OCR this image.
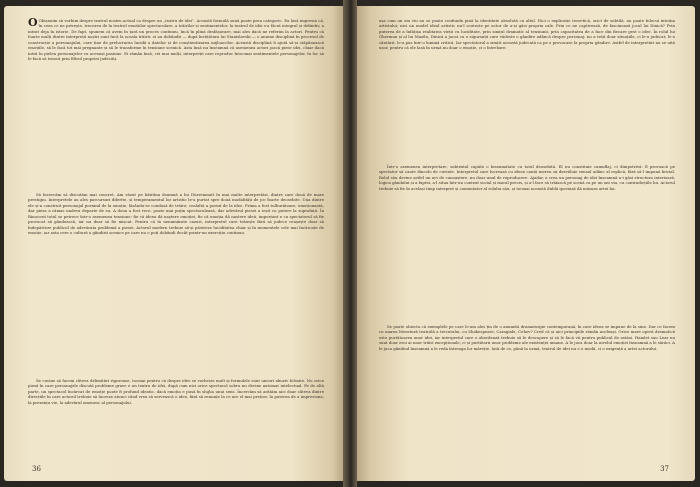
O Obișnuim să vorbim despre teatrul nostru actual ca despre un „teatru de idei”. Această formulă sună poate prea categoric. Ea lasă impresia că, în ceea ce ne privește, trecerea de la teatrul emoțiilor spectaculare, a trăirilor și sentimentelor, la teatrul de idei s-a făcut integral și definitiv, a intrat deja în istorie. De fapt, spunem că avem în țară un proces continuu, încă în plină desfășurare, mai ales dacă ne referim la actori. Pentru că foarte mulți dintre interpreții noștri sunt încă la școala trăirii: ei au dobândit — după învățătura lui Stanislavski — o anume disciplină în procesul de construcție a personajului, care ține de prelucrarea lucidă a datelor și de conștientizarea mijloacelor. Această disciplină îi ajută să-și stăpânească emoțiile, să le facă tot mai pregnante și să le transforme în tensiune scenică. Asta însă nu înseamnă că asemenea actori joacă piese idei, chiar dacă intră în pielea personajelor cu aceeași pasiune. Ei rămân însă, cei mai mulți, interpreții care reproduc întocmai sentimentele personajelor, în loc să le facă să treacă prin filtrul propriei judecăți.

Să încercăm să discutăm mai concret. Am văzut pe bătrâna doamnă a lui Dürrenmatt în mai multe interpretări, dintre care două de mare prestigiu. Interpretele au ales parcursuri diferite, și temperamentul lor artistic le-a purtat spre două modalități de joc foarte deosebite. Una dintre ele și-a construit personajul pornind de la emoție, lăsându-se condusă de trăire; cealaltă a pornit de la idee. Prima a fost tulburătoare, emoționantă, dar piesa a rămas undeva departe de ea. A doua a fost rece, poate mai puțin spectaculoasă, dar adevărul piesei a ieșit cu putere la suprafață. În Rinocerii totul se petrece într-o asemenea tensiune: fie că ideea dă naștere emoției, fie că emoția dă naștere ideii, important e ca spectatorul să fie provocat să gândească, iar nu doar să fie mișcat. Pentru că în nenumărate cazuri, interpretul care trăiește fără să judece reușește doar să îndepărteze publicul de adevărata problemă a piesei. Actorul modern trebuie să-și păstreze luciditatea chiar și în momentele cele mai încărcate de emoție, iar asta cere o cultură a gândirii scenice pe care nu o poți dobândi decât printr-un exercițiu continuu.

Se cuvine să facem câteva delimitări riguroase, tocmai pentru că despre idee se vorbește mult și formulele sunt uneori abuziv folosite. Nu orice piesă în care personajele discută probleme grave e un teatru de idei, după cum nici orice spectacol sobru nu devine automat intelectual. Pe de altă parte, un spectacol încărcat de emoție poate fi profund ideatic, dacă emoția e pusă în slujba unui sens. Încercăm să arătăm aici doar câteva dintre direcțiile în care actorul trebuie să lucreze atunci când vrea să servească o idee, fără să renunțe la ce are el mai prețios: la puterea de a impresiona, la prezența vie, la adevărul omenesc al personajului.

36

așa cum un om viu nu se poate confunda pină la identitate absolută cu altul. Nici o explicație teoretică, orict de subtilă, nu poate înlocui intuiția artistului; nici un model ideal artistic nu-l scutește pe actor de a-și găsi propria cale. Prin ce ne captivează, de fascinează jocul lui Dinică? Prin puterea de a înfățișa realitatea vieții cu luciditate, prin simțul dramatic al tensiunii, prin capacitatea de a face din fiecare gest o idee. În rolul lui Gherman și al lui Mazilu, Dinică a jucat cu o siguranță care vădește o gândire adâncă despre personaj: nu a trăit doar situațiile, ci le-a judecat, le-a cântărit, le-a pus într-o lumină critică. Iar spectatorul a simțit această judecată ca pe o provocare la propria gândire. Astfel de interpretări nu se uită ușor, pentru că ele lasă în urmă nu doar o emoție, ci o întrebare.

Într-o asemenea interpretare, subtextul capătă o însemnătate cu totul deosebită. El nu constituie camuflaj, ci dimpotrivă: îl provoacă pe spectator să caute dincolo de cuvinte. Interpretul care lucrează cu ideea caută mereu să dezvăluie sensul adânc al replicii, fără să-l impună brutal. Rolul său devine astfel un act de cunoaștere, nu doar unul de reproducere. Ajadar, a crea un personaj de idei înseamnă a-i găsi structura interioară, logica gândului și a faptei, a-l situa într-un context social și moral precis, și a-l face să trăiască pe scenă ca pe un om viu, cu contradicțiile lui. Actorul trebuie să fie în același timp interpret și comentator al rolului său, și tocmai această dublă ipostază dă măsura artei lui.

Se poate obiecta că exemplele pe care le-am ales țin de o anumită dramaturgie contemporană, în care ideea se impune de la sine. Dar ce facem cu marea literatură teatrală a trecutului, cu Shakespeare, Caragiale, Cehov? Cred că și aici principiile rămân aceleași. Orice mare operă dramatică este purtătoarea unor idei, iar interpretul care o abordează trebuie să le descopere și să le facă vii pentru publicul de astăzi. Hamlet sau Lear nu sunt doar eroi ai unor trăiri excepționale, ci și purtătorii unor probleme ale existenței umane. A le juca doar la nivelul emoției înseamnă a le sărăci. A le juca gândind înseamnă a le reda întreaga lor măreție. Iată de ce, până la urmă, teatrul de idei nu e o modă, ci o exigență a artei actorului.

37
